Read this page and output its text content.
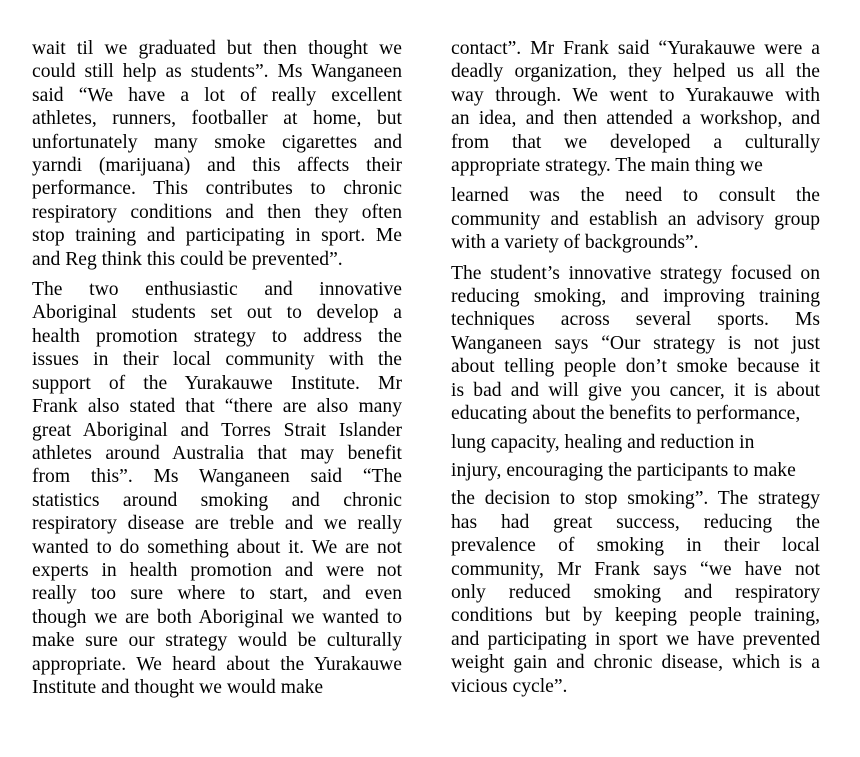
wait til we graduated but then thought we
could still help as students”. Ms Wanganeen
said “We have a lot of really excellent
athletes, runners, footballer at home, but
unfortunately many smoke cigarettes and
yarndi (marijuana) and this affects their
performance. This contributes to chronic
respiratory conditions and then they often
stop training and participating in sport. Me
and Reg think this could be prevented”.
The two enthusiastic and innovative
Aboriginal students set out to develop a
health promotion strategy to address the
issues in their local community with the
support of the Yurakauwe Institute. Mr
Frank also stated that “there are also many
great Aboriginal and Torres Strait Islander
athletes around Australia that may benefit
from this”. Ms Wanganeen said “The
statistics around smoking and chronic
respiratory disease are treble and we really
wanted to do something about it. We are not
experts in health promotion and were not
really too sure where to start, and even
though we are both Aboriginal we wanted to
make sure our strategy would be culturally
appropriate. We heard about the Yurakauwe
Institute and thought we would make
contact”. Mr Frank said “Yurakauwe were a
deadly organization, they helped us all the
way through. We went to Yurakauwe with
an idea, and then attended a workshop, and
from that we developed a culturally
appropriate strategy. The main thing we
learned was the need to consult the
community and establish an advisory group
with a variety of backgrounds”.
The student’s innovative strategy focused on
reducing smoking, and improving training
techniques across several sports. Ms
Wanganeen says “Our strategy is not just
about telling people don’t smoke because it
is bad and will give you cancer, it is about
educating about the benefits to performance,
lung capacity, healing and reduction in
injury, encouraging the participants to make
the decision to stop smoking”. The strategy
has had great success, reducing the
prevalence of smoking in their local
community, Mr Frank says “we have not
only reduced smoking and respiratory
conditions but by keeping people training,
and participating in sport we have prevented
weight gain and chronic disease, which is a
vicious cycle”.
